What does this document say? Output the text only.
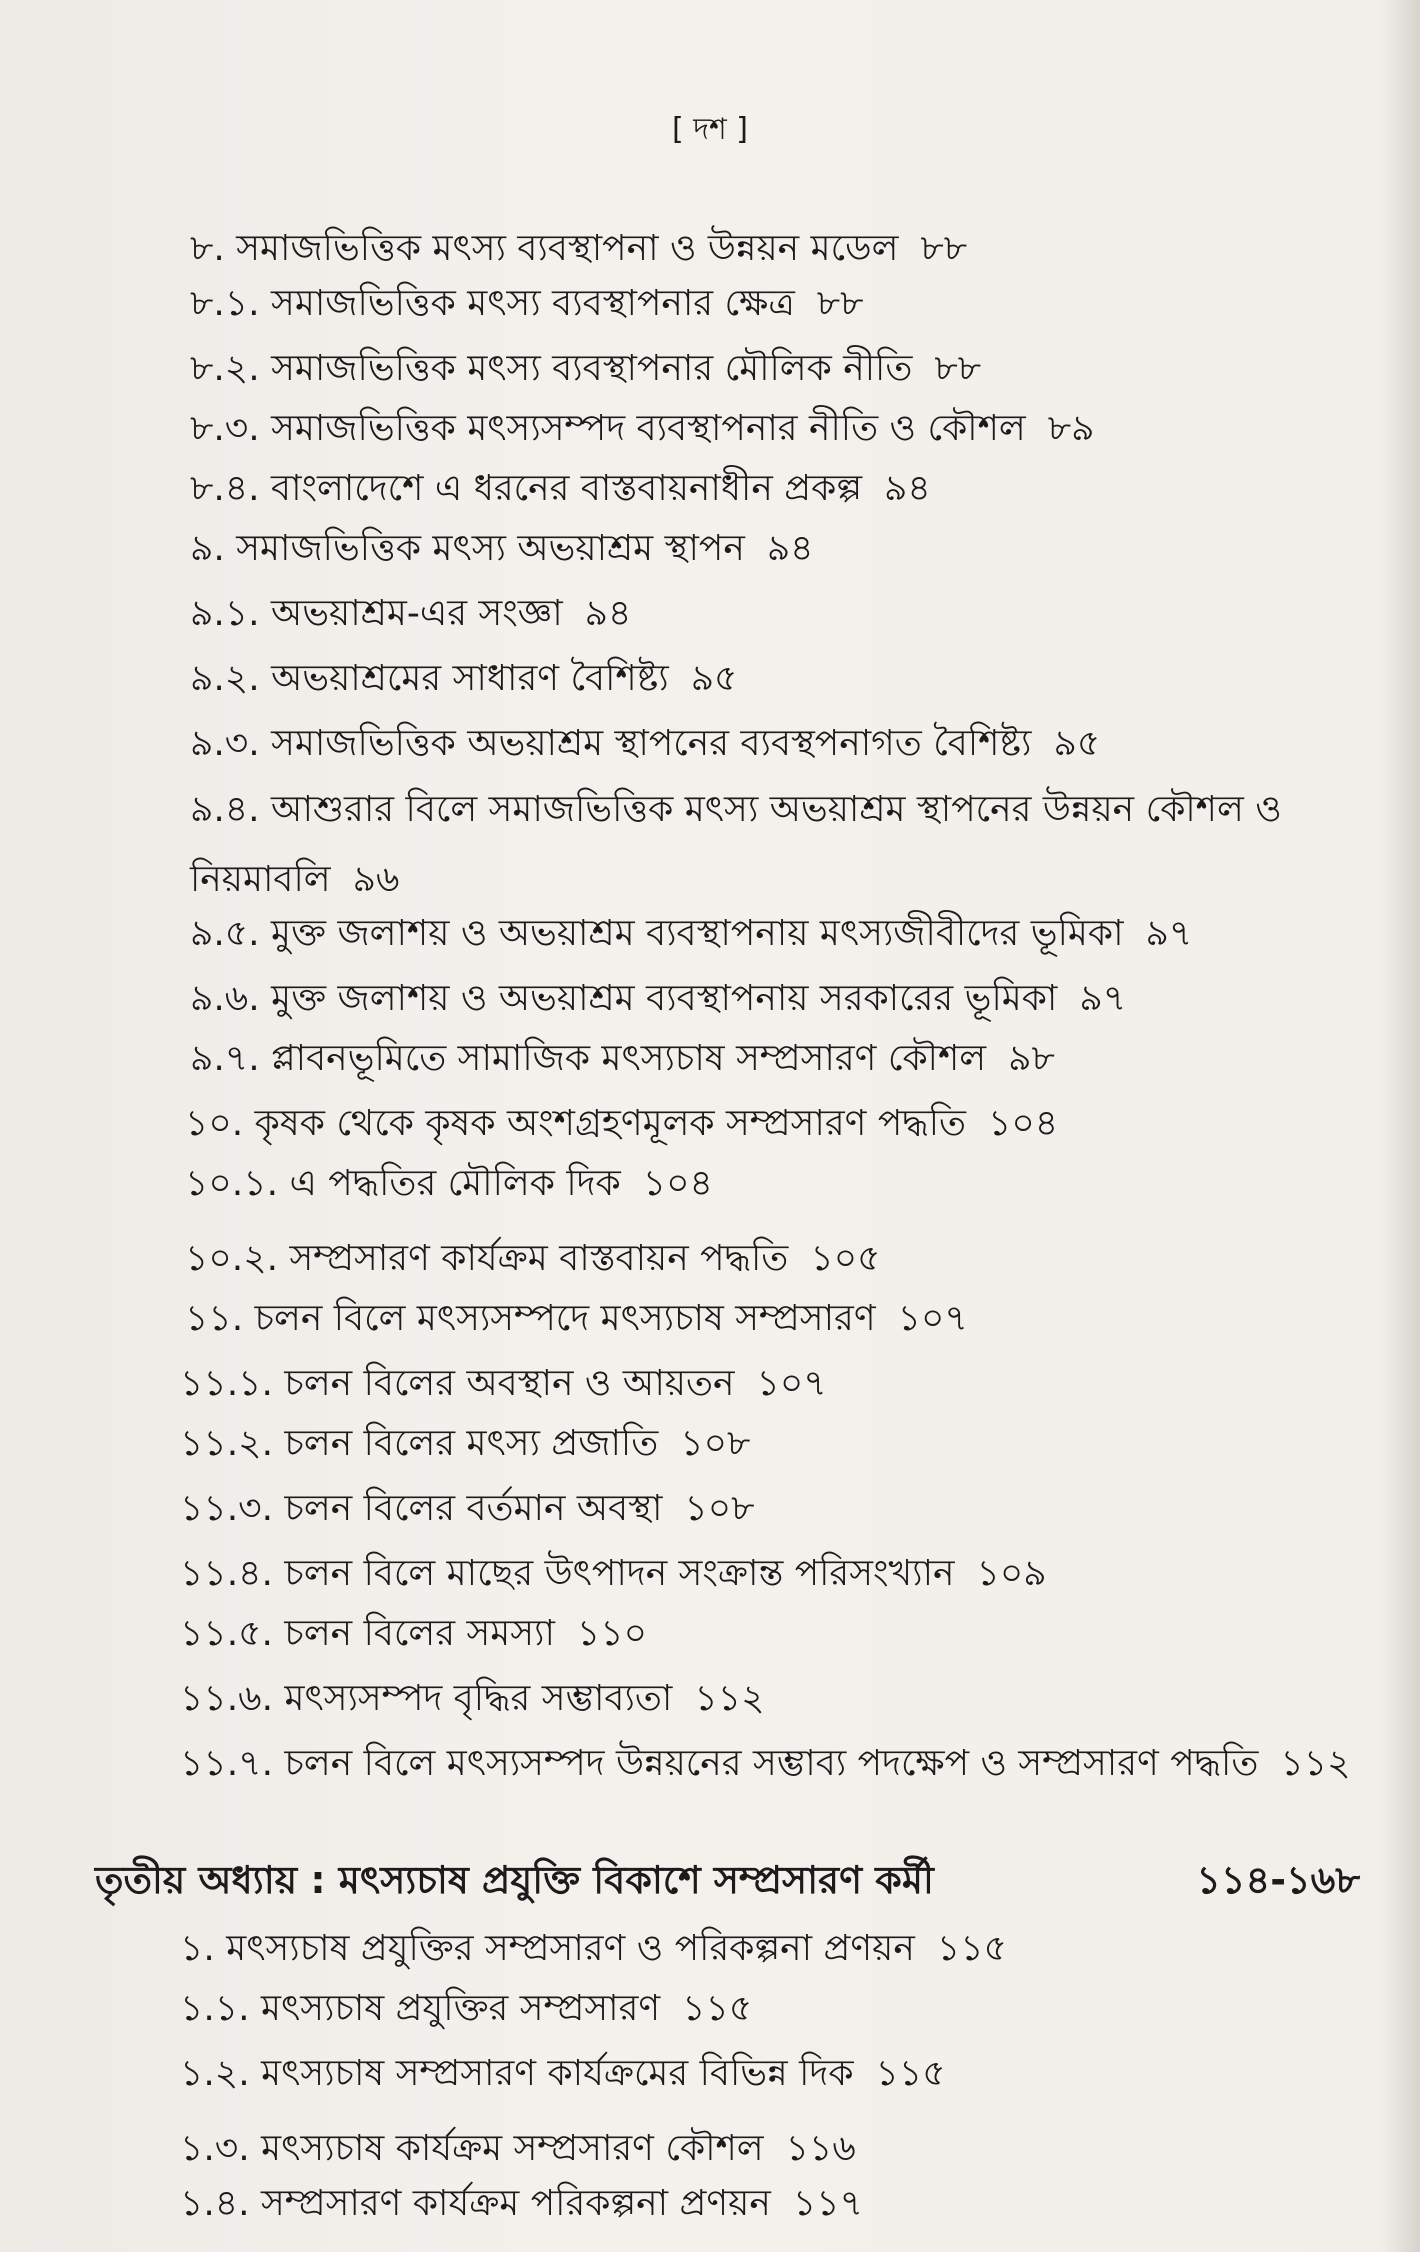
[ দশ ]
৮. সমাজভিত্তিক মৎস্য ব্যবস্থাপনা ও উন্নয়ন মডেল ৮৮
৮.১. সমাজভিত্তিক মৎস্য ব্যবস্থাপনার ক্ষেত্র ৮৮
৮.২. সমাজভিত্তিক মৎস্য ব্যবস্থাপনার মৌলিক নীতি ৮৮
৮.৩. সমাজভিত্তিক মৎস্যসম্পদ ব্যবস্থাপনার নীতি ও কৌশল ৮৯
৮.৪. বাংলাদেশে এ ধরনের বাস্তবায়নাধীন প্রকল্প ৯৪
৯. সমাজভিত্তিক মৎস্য অভয়াশ্রম স্থাপন ৯৪
৯.১. অভয়াশ্রম-এর সংজ্ঞা ৯৪
৯.২. অভয়াশ্রমের সাধারণ বৈশিষ্ট্য ৯৫
৯.৩. সমাজভিত্তিক অভয়াশ্রম স্থাপনের ব্যবস্থপনাগত বৈশিষ্ট্য ৯৫
৯.৪. আশুরার বিলে সমাজভিত্তিক মৎস্য অভয়াশ্রম স্থাপনের উন্নয়ন কৌশল ও নিয়মাবলি ৯৬
৯.৫. মুক্ত জলাশয় ও অভয়াশ্রম ব্যবস্থাপনায় মৎস্যজীবীদের ভূমিকা ৯৭
৯.৬. মুক্ত জলাশয় ও অভয়াশ্রম ব্যবস্থাপনায় সরকারের ভূমিকা ৯৭
৯.৭. প্লাবনভূমিতে সামাজিক মৎস্যচাষ সম্প্রসারণ কৌশল ৯৮
১০. কৃষক থেকে কৃষক অংশগ্রহণমূলক সম্প্রসারণ পদ্ধতি ১০৪
১০.১. এ পদ্ধতির মৌলিক দিক ১০৪
১০.২. সম্প্রসারণ কার্যক্রম বাস্তবায়ন পদ্ধতি ১০৫
১১. চলন বিলে মৎস্যসম্পদে মৎস্যচাষ সম্প্রসারণ ১০৭
১১.১. চলন বিলের অবস্থান ও আয়তন ১০৭
১১.২. চলন বিলের মৎস্য প্রজাতি ১০৮
১১.৩. চলন বিলের বর্তমান অবস্থা ১০৮
১১.৪. চলন বিলে মাছের উৎপাদন সংক্রান্ত পরিসংখ্যান ১০৯
১১.৫. চলন বিলের সমস্যা ১১০
১১.৬. মৎস্যসম্পদ বৃদ্ধির সম্ভাব্যতা ১১২
১১.৭. চলন বিলে মৎস্যসম্পদ উন্নয়নের সম্ভাব্য পদক্ষেপ ও সম্প্রসারণ পদ্ধতি ১১২
তৃতীয় অধ্যায় : মৎস্যচাষ প্রযুক্তি বিকাশে সম্প্রসারণ কর্মী	১১৪-১৬৮
১. মৎস্যচাষ প্রযুক্তির সম্প্রসারণ ও পরিকল্পনা প্রণয়ন ১১৫
১.১. মৎস্যচাষ প্রযুক্তির সম্প্রসারণ ১১৫
১.২. মৎস্যচাষ সম্প্রসারণ কার্যক্রমের বিভিন্ন দিক ১১৫
১.৩. মৎস্যচাষ কার্যক্রম সম্প্রসারণ কৌশল ১১৬
১.৪. সম্প্রসারণ কার্যক্রম পরিকল্পনা প্রণয়ন ১১৭
